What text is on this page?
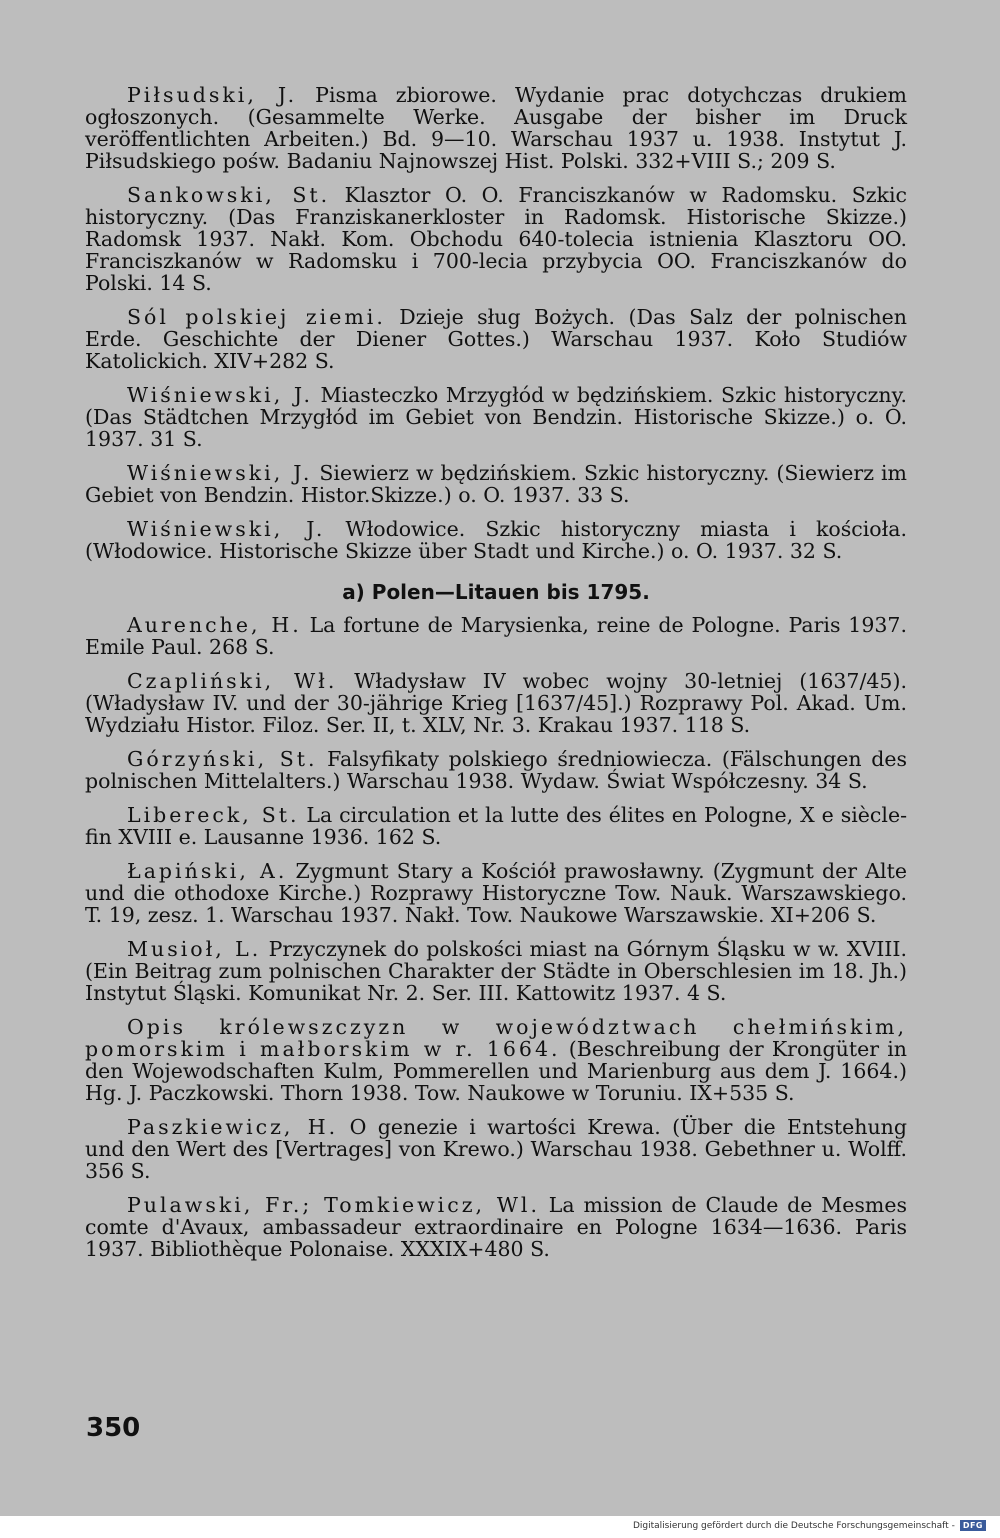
Piłsudski, J. Pisma zbiorowe. Wydanie prac dotychczas drukiem ogłoszonych. (Gesammelte Werke. Ausgabe der bisher im Druck veröffentlichten Arbeiten.) Bd. 9—10. Warschau 1937 u. 1938. Instytut J. Piłsudskiego pośw. Badaniu Najnowszej Hist. Polski. 332+VIII S.; 209 S.

Sankowski, St. Klasztor O. O. Franciszkanów w Radomsku. Szkic historyczny. (Das Franziskanerkloster in Radomsk. Historische Skizze.) Radomsk 1937. Nakł. Kom. Obchodu 640-tolecia istnienia Klasztoru OO. Franciszkanów w Radomsku i 700-lecia przybycia OO. Franciszkanów do Polski. 14 S.

Sól polskiej ziemi. Dzieje sług Bożych. (Das Salz der polnischen Erde. Geschichte der Diener Gottes.) Warschau 1937. Koło Studiów Katolickich. XIV+282 S.

Wiśniewski, J. Miasteczko Mrzygłód w będzińskiem. Szkic historyczny. (Das Städtchen Mrzygłód im Gebiet von Bendzin. Historische Skizze.) o. O. 1937. 31 S.

Wiśniewski, J. Siewierz w będzińskiem. Szkic historyczny. (Siewierz im Gebiet von Bendzin. Histor.Skizze.) o. O. 1937. 33 S.

Wiśniewski, J. Włodowice. Szkic historyczny miasta i kościoła. (Włodowice. Historische Skizze über Stadt und Kirche.) o. O. 1937. 32 S.

a) Polen—Litauen bis 1795.

Aurenche, H. La fortune de Marysienka, reine de Pologne. Paris 1937. Emile Paul. 268 S.

Czapliński, Wł. Władysław IV wobec wojny 30-letniej (1637/45). (Władysław IV. und der 30-jährige Krieg [1637/45].) Rozprawy Pol. Akad. Um. Wydziału Histor. Filoz. Ser. II, t. XLV, Nr. 3. Krakau 1937. 118 S.

Górzyński, St. Falsyfikaty polskiego średniowiecza. (Fälschungen des polnischen Mittelalters.) Warschau 1938. Wydaw. Świat Współczesny. 34 S.

Libereck, St. La circulation et la lutte des élites en Pologne, X e siècle-fin XVIII e. Lausanne 1936. 162 S.

Łapiński, A. Zygmunt Stary a Kościół prawosławny. (Zygmunt der Alte und die othodoxe Kirche.) Rozprawy Historyczne Tow. Nauk. Warszawskiego. T. 19, zesz. 1. Warschau 1937. Nakł. Tow. Naukowe Warszawskie. XI+206 S.

Musioł, L. Przyczynek do polskości miast na Górnym Śląsku w w. XVIII. (Ein Beitrag zum polnischen Charakter der Städte in Oberschlesien im 18. Jh.) Instytut Śląski. Komunikat Nr. 2. Ser. III. Kattowitz 1937. 4 S.

Opis królewszczyzn w województwach chełmińskim, pomorskim i małborskim w r. 1664. (Beschreibung der Krongüter in den Wojewodschaften Kulm, Pommerellen und Marienburg aus dem J. 1664.) Hg. J. Paczkowski. Thorn 1938. Tow. Naukowe w Toruniu. IX+535 S.

Paszkiewicz, H. O genezie i wartości Krewa. (Über die Entstehung und den Wert des [Vertrages] von Krewo.) Warschau 1938. Gebethner u. Wolff. 356 S.

Pulawski, Fr.; Tomkiewicz, Wl. La mission de Claude de Mesmes comte d'Avaux, ambassadeur extraordinaire en Pologne 1634—1636. Paris 1937. Bibliothèque Polonaise. XXXIX+480 S.

350
Digitalisierung gefördert durch die Deutsche Forschungsgemeinschaft -	DFG
